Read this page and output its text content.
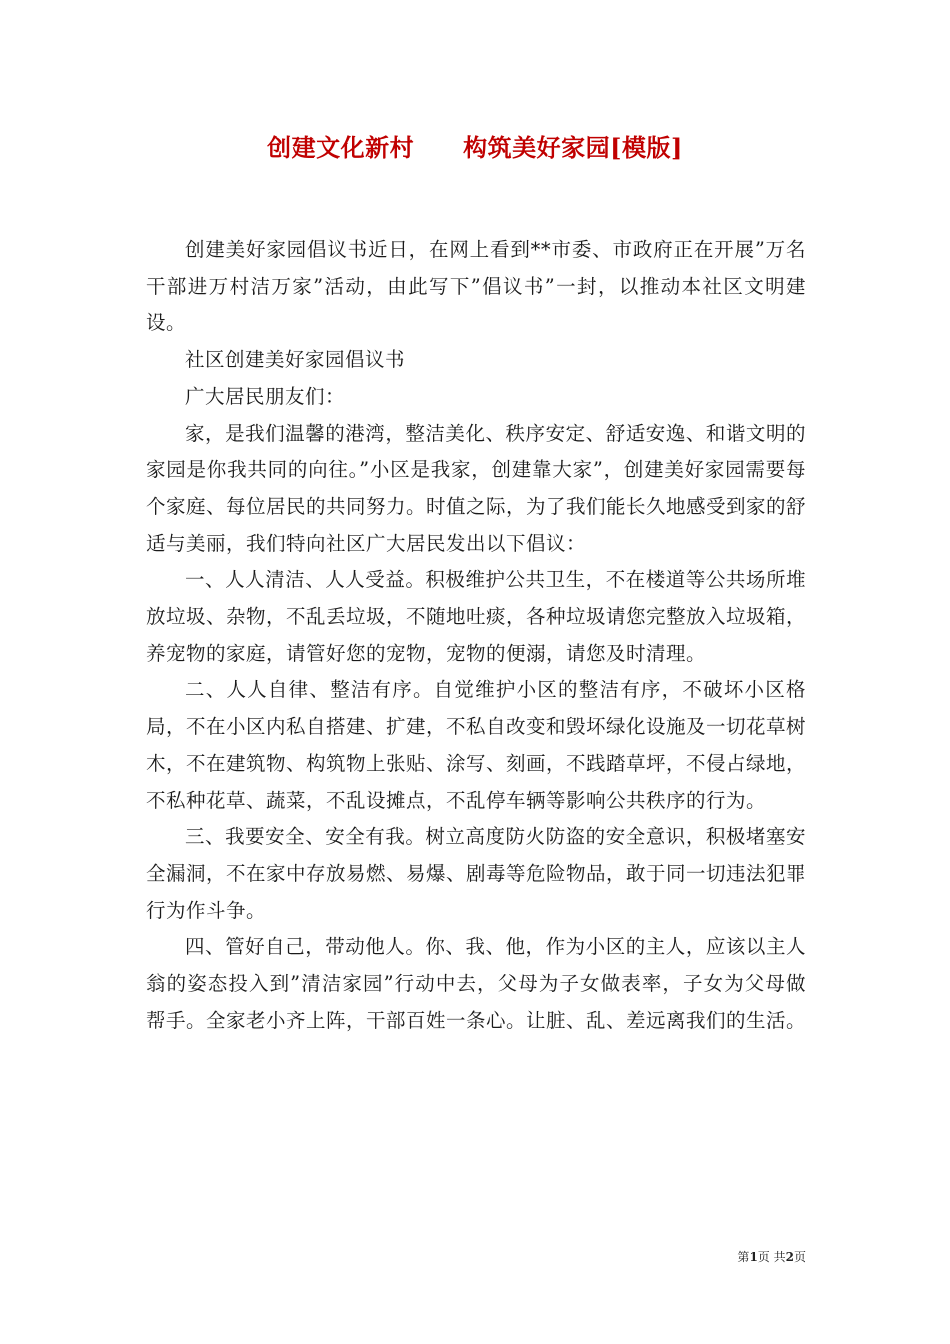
创建文化新村　　构筑美好家园[模版]

创建美好家园倡议书近日，在网上看到**市委、市政府正在开展”万名干部进万村洁万家”活动，由此写下”倡议书”一封，以推动本社区文明建设。

社区创建美好家园倡议书

广大居民朋友们：

家，是我们温馨的港湾，整洁美化、秩序安定、舒适安逸、和谐文明的家园是你我共同的向往。”小区是我家，创建靠大家”，创建美好家园需要每个家庭、每位居民的共同努力。时值之际，为了我们能长久地感受到家的舒适与美丽，我们特向社区广大居民发出以下倡议：

一、人人清洁、人人受益。积极维护公共卫生，不在楼道等公共场所堆放垃圾、杂物，不乱丢垃圾，不随地吐痰，各种垃圾请您完整放入垃圾箱，养宠物的家庭，请管好您的宠物，宠物的便溺，请您及时清理。

二、人人自律、整洁有序。自觉维护小区的整洁有序，不破坏小区格局，不在小区内私自搭建、扩建，不私自改变和毁坏绿化设施及一切花草树木，不在建筑物、构筑物上张贴、涂写、刻画，不践踏草坪，不侵占绿地，不私种花草、蔬菜，不乱设摊点，不乱停车辆等影响公共秩序的行为。

三、我要安全、安全有我。树立高度防火防盗的安全意识，积极堵塞安全漏洞，不在家中存放易燃、易爆、剧毒等危险物品，敢于同一切违法犯罪行为作斗争。

四、管好自己，带动他人。你、我、他，作为小区的主人，应该以主人翁的姿态投入到”清洁家园”行动中去，父母为子女做表率，子女为父母做帮手。全家老小齐上阵，干部百姓一条心。让脏、乱、差远离我们的生活。

第1页 共2页
